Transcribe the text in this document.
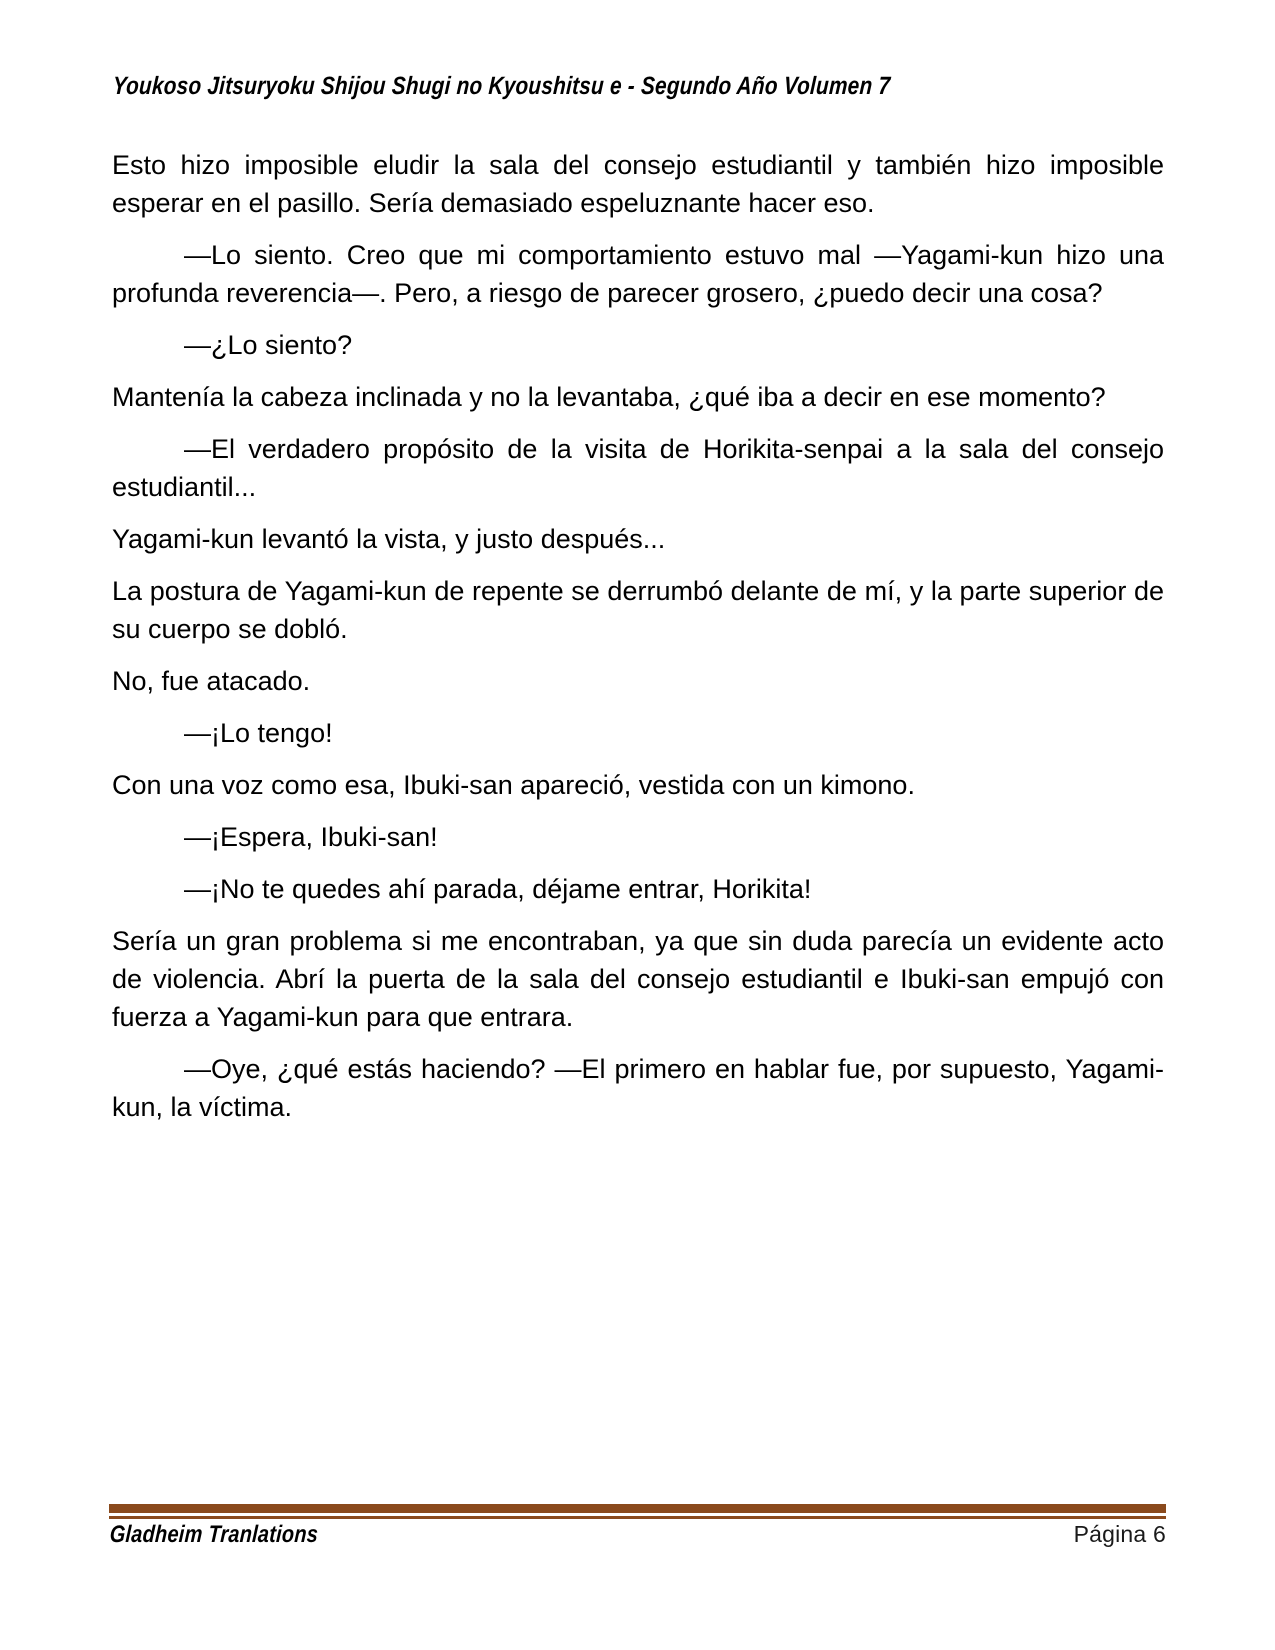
Youkoso Jitsuryoku Shijou Shugi no Kyoushitsu e - Segundo Año Volumen 7

Esto hizo imposible eludir la sala del consejo estudiantil y también hizo imposible esperar en el pasillo. Sería demasiado espeluznante hacer eso.

—Lo siento. Creo que mi comportamiento estuvo mal —Yagami-kun hizo una profunda reverencia—. Pero, a riesgo de parecer grosero, ¿puedo decir una cosa?

—¿Lo siento?

Mantenía la cabeza inclinada y no la levantaba, ¿qué iba a decir en ese momento?

—El verdadero propósito de la visita de Horikita-senpai a la sala del consejo estudiantil...

Yagami-kun levantó la vista, y justo después...

La postura de Yagami-kun de repente se derrumbó delante de mí, y la parte superior de su cuerpo se dobló.

No, fue atacado.

—¡Lo tengo!

Con una voz como esa, Ibuki-san apareció, vestida con un kimono.

—¡Espera, Ibuki-san!

—¡No te quedes ahí parada, déjame entrar, Horikita!

Sería un gran problema si me encontraban, ya que sin duda parecía un evidente acto de violencia. Abrí la puerta de la sala del consejo estudiantil e Ibuki-san empujó con fuerza a Yagami-kun para que entrara.

—Oye, ¿qué estás haciendo? —El primero en hablar fue, por supuesto, Yagami-kun, la víctima.

Gladheim Tranlations	Página 6
